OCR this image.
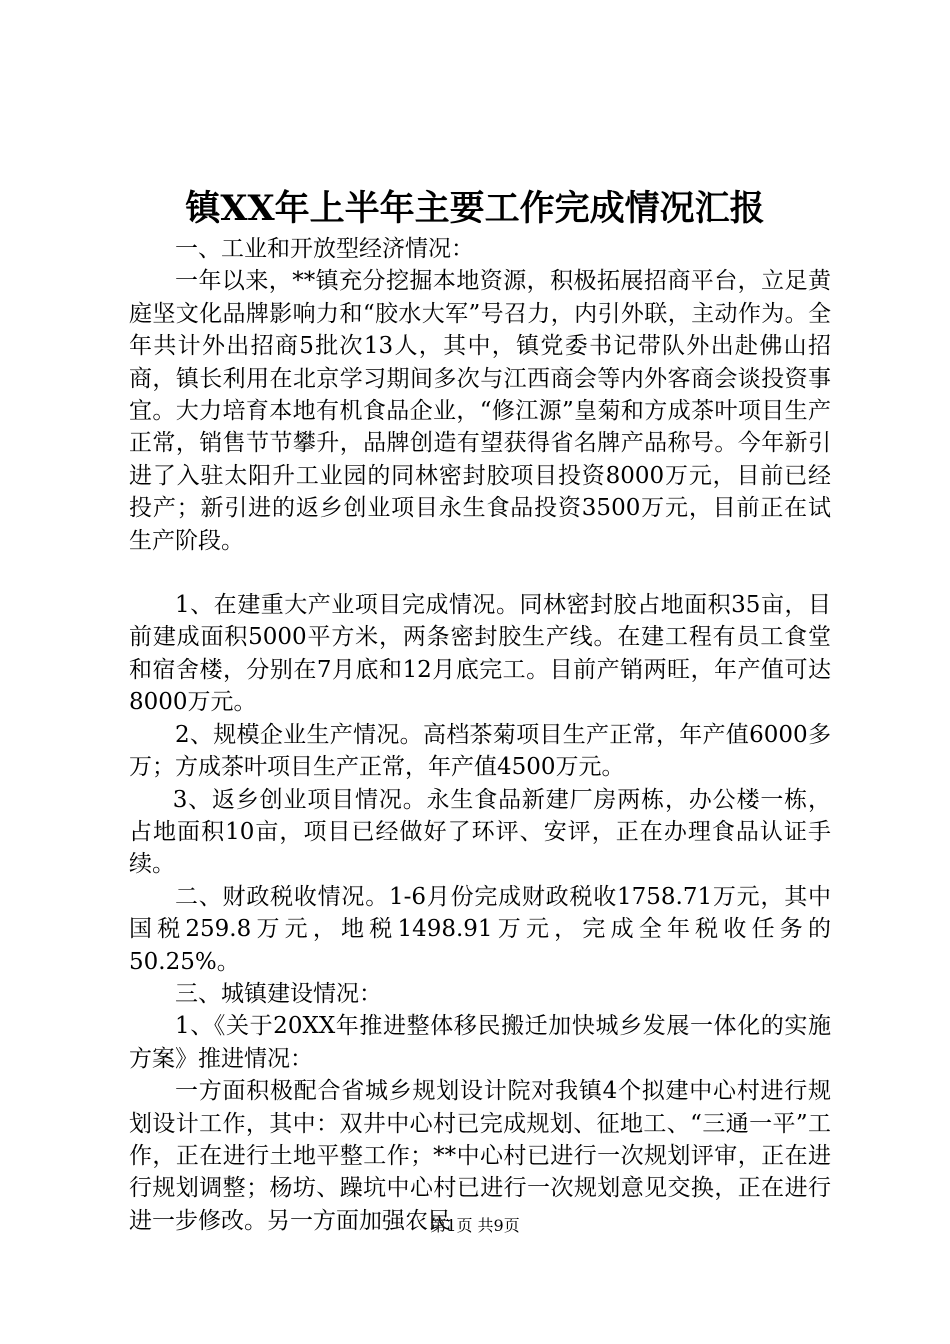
镇XX年上半年主要工作完成情况汇报

一、工业和开放型经济情况：

一年以来，**镇充分挖掘本地资源，积极拓展招商平台，立足黄庭坚文化品牌影响力和“胶水大军”号召力，内引外联，主动作为。全年共计外出招商5批次13人，其中，镇党委书记带队外出赴佛山招商，镇长利用在北京学习期间多次与江西商会等内外客商会谈投资事宜。大力培育本地有机食品企业，“修江源”皇菊和方成茶叶项目生产正常，销售节节攀升，品牌创造有望获得省名牌产品称号。今年新引进了入驻太阳升工业园的同林密封胶项目投资8000万元，目前已经投产；新引进的返乡创业项目永生食品投资3500万元，目前正在试生产阶段。

1、在建重大产业项目完成情况。同林密封胶占地面积35亩，目前建成面积5000平方米，两条密封胶生产线。在建工程有员工食堂和宿舍楼，分别在7月底和12月底完工。目前产销两旺，年产值可达8000万元。

2、规模企业生产情况。高档茶菊项目生产正常，年产值6000多万；方成茶叶项目生产正常，年产值4500万元。

3、返乡创业项目情况。永生食品新建厂房两栋，办公楼一栋，占地面积10亩，项目已经做好了环评、安评，正在办理食品认证手续。

二、财政税收情况。1-6月份完成财政税收1758.71万元，其中国税259.8万元，地税1498.91万元，完成全年税收任务的50.25%。

三、城镇建设情况：

1、《关于20XX年推进整体移民搬迁加快城乡发展一体化的实施方案》推进情况：

一方面积极配合省城乡规划设计院对我镇4个拟建中心村进行规划设计工作，其中：双井中心村已完成规划、征地工、“三通一平”工作，正在进行土地平整工作；**中心村已进行一次规划评审，正在进行规划调整；杨坊、躁坑中心村已进行一次规划意见交换，正在进行进一步修改。另一方面加强农民

第1页 共9页
